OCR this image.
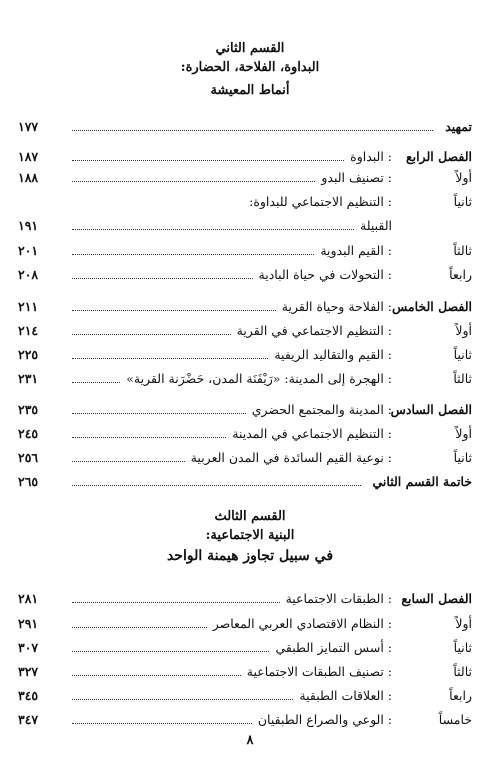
القسم الثاني
البداوة، الفلاحة، الحضارة:
أنماط المعيشة
تمهيد
١٧٧
الفصل الرابع
: البداوة
١٨٧
أولاً
: تصنيف البدو
١٨٨
ثانياً
: التنظيم الاجتماعي للبداوة:
القبيلة
١٩١
ثالثاً
: القيم البدوية
٢٠١
رابعاً
: التحولات في حياة البادية
٢٠٨
الفصل الخامس
: الفلاحة وحياة القرية
٢١١
أولاً
: التنظيم الاجتماعي في القرية
٢١٤
ثانياً
: القيم والتقاليد الريفية
٢٢٥
ثالثاً
: الهجرة إلى المدينة: «رَيْفَنَة المدن، حَضْرَنة القرية»
٢٣١
الفصل السادس
: المدينة والمجتمع الحضري
٢٣٥
أولاً
: التنظيم الاجتماعي في المدينة
٢٤٥
ثانياً
: نوعية القيم السائدة في المدن العربية
٢٥٦
خاتمة القسم الثاني
٢٦٥
القسم الثالث
البنية الاجتماعية:
في سبيل تجاوز هيمنة الواحد
الفصل السابع
: الطبقات الاجتماعية
٢٨١
أولاً
: النظام الاقتصادي العربي المعاصر
٢٩١
ثانياً
: أسس التمايز الطبقي
٣٠٧
ثالثاً
: تصنيف الطبقات الاجتماعية
٣٢٧
رابعاً
: العلاقات الطبقية
٣٤٥
خامساً
: الوعي والصراع الطبقيان
٣٤٧
٨
